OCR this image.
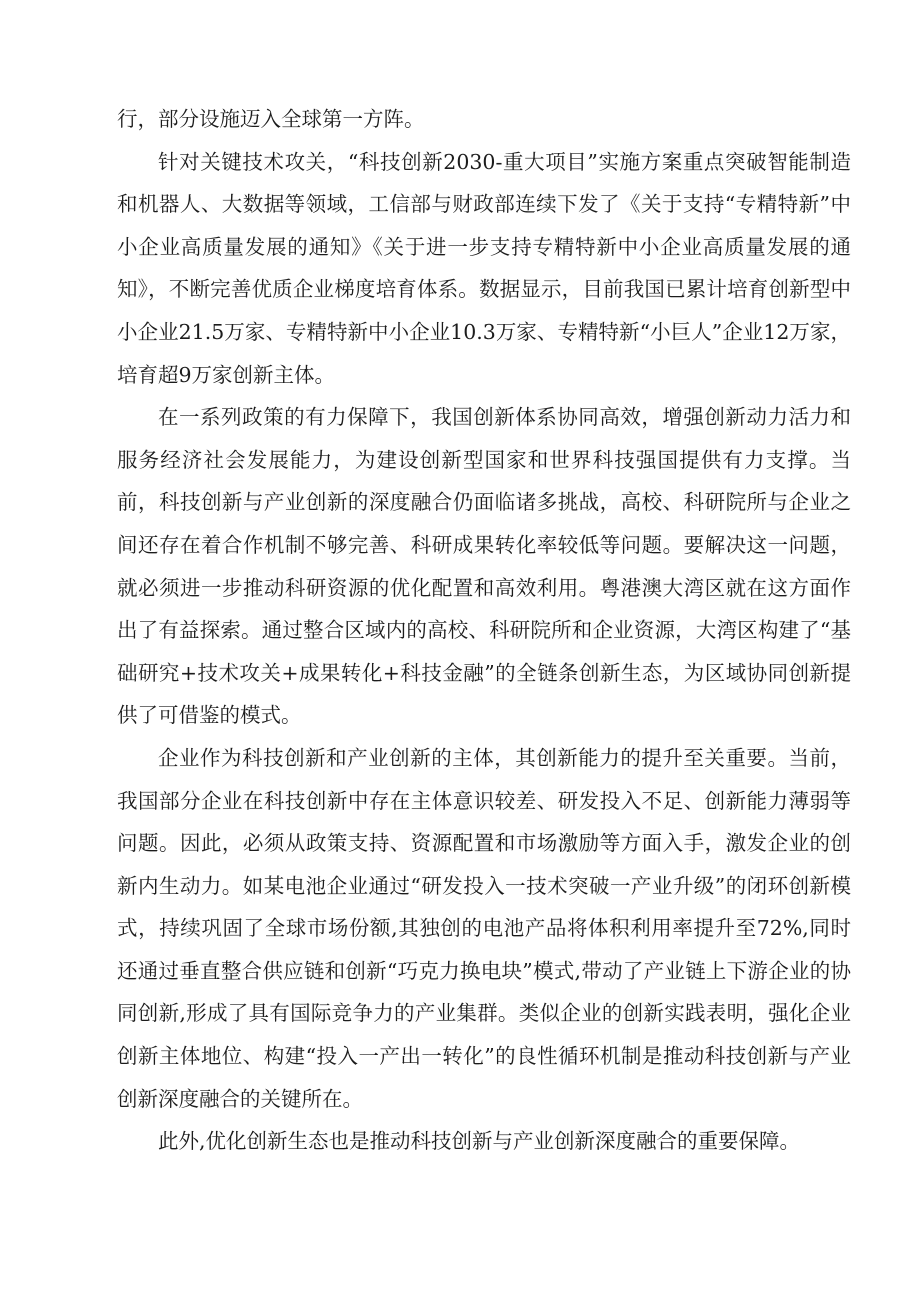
行，部分设施迈入全球第一方阵。

针对关键技术攻关，“科技创新2030-重大项目”实施方案重点突破智能制造和机器人、大数据等领域，工信部与财政部连续下发了《关于支持“专精特新”中小企业高质量发展的通知》《关于进一步支持专精特新中小企业高质量发展的通知》，不断完善优质企业梯度培育体系。数据显示，目前我国已累计培育创新型中小企业21.5万家、专精特新中小企业10.3万家、专精特新“小巨人”企业12万家，培育超9万家创新主体。

在一系列政策的有力保障下，我国创新体系协同高效，增强创新动力活力和服务经济社会发展能力，为建设创新型国家和世界科技强国提供有力支撑。当前，科技创新与产业创新的深度融合仍面临诸多挑战，高校、科研院所与企业之间还存在着合作机制不够完善、科研成果转化率较低等问题。要解决这一问题，就必须进一步推动科研资源的优化配置和高效利用。粤港澳大湾区就在这方面作出了有益探索。通过整合区域内的高校、科研院所和企业资源，大湾区构建了“基础研究+技术攻关+成果转化+科技金融”的全链条创新生态，为区域协同创新提供了可借鉴的模式。

企业作为科技创新和产业创新的主体，其创新能力的提升至关重要。当前，我国部分企业在科技创新中存在主体意识较差、研发投入不足、创新能力薄弱等问题。因此，必须从政策支持、资源配置和市场激励等方面入手，激发企业的创新内生动力。如某电池企业通过“研发投入一技术突破一产业升级”的闭环创新模式，持续巩固了全球市场份额,其独创的电池产品将体积利用率提升至72%,同时还通过垂直整合供应链和创新“巧克力换电块”模式,带动了产业链上下游企业的协同创新,形成了具有国际竞争力的产业集群。类似企业的创新实践表明，强化企业创新主体地位、构建“投入一产出一转化”的良性循环机制是推动科技创新与产业创新深度融合的关键所在。

此外,优化创新生态也是推动科技创新与产业创新深度融合的重要保障。
